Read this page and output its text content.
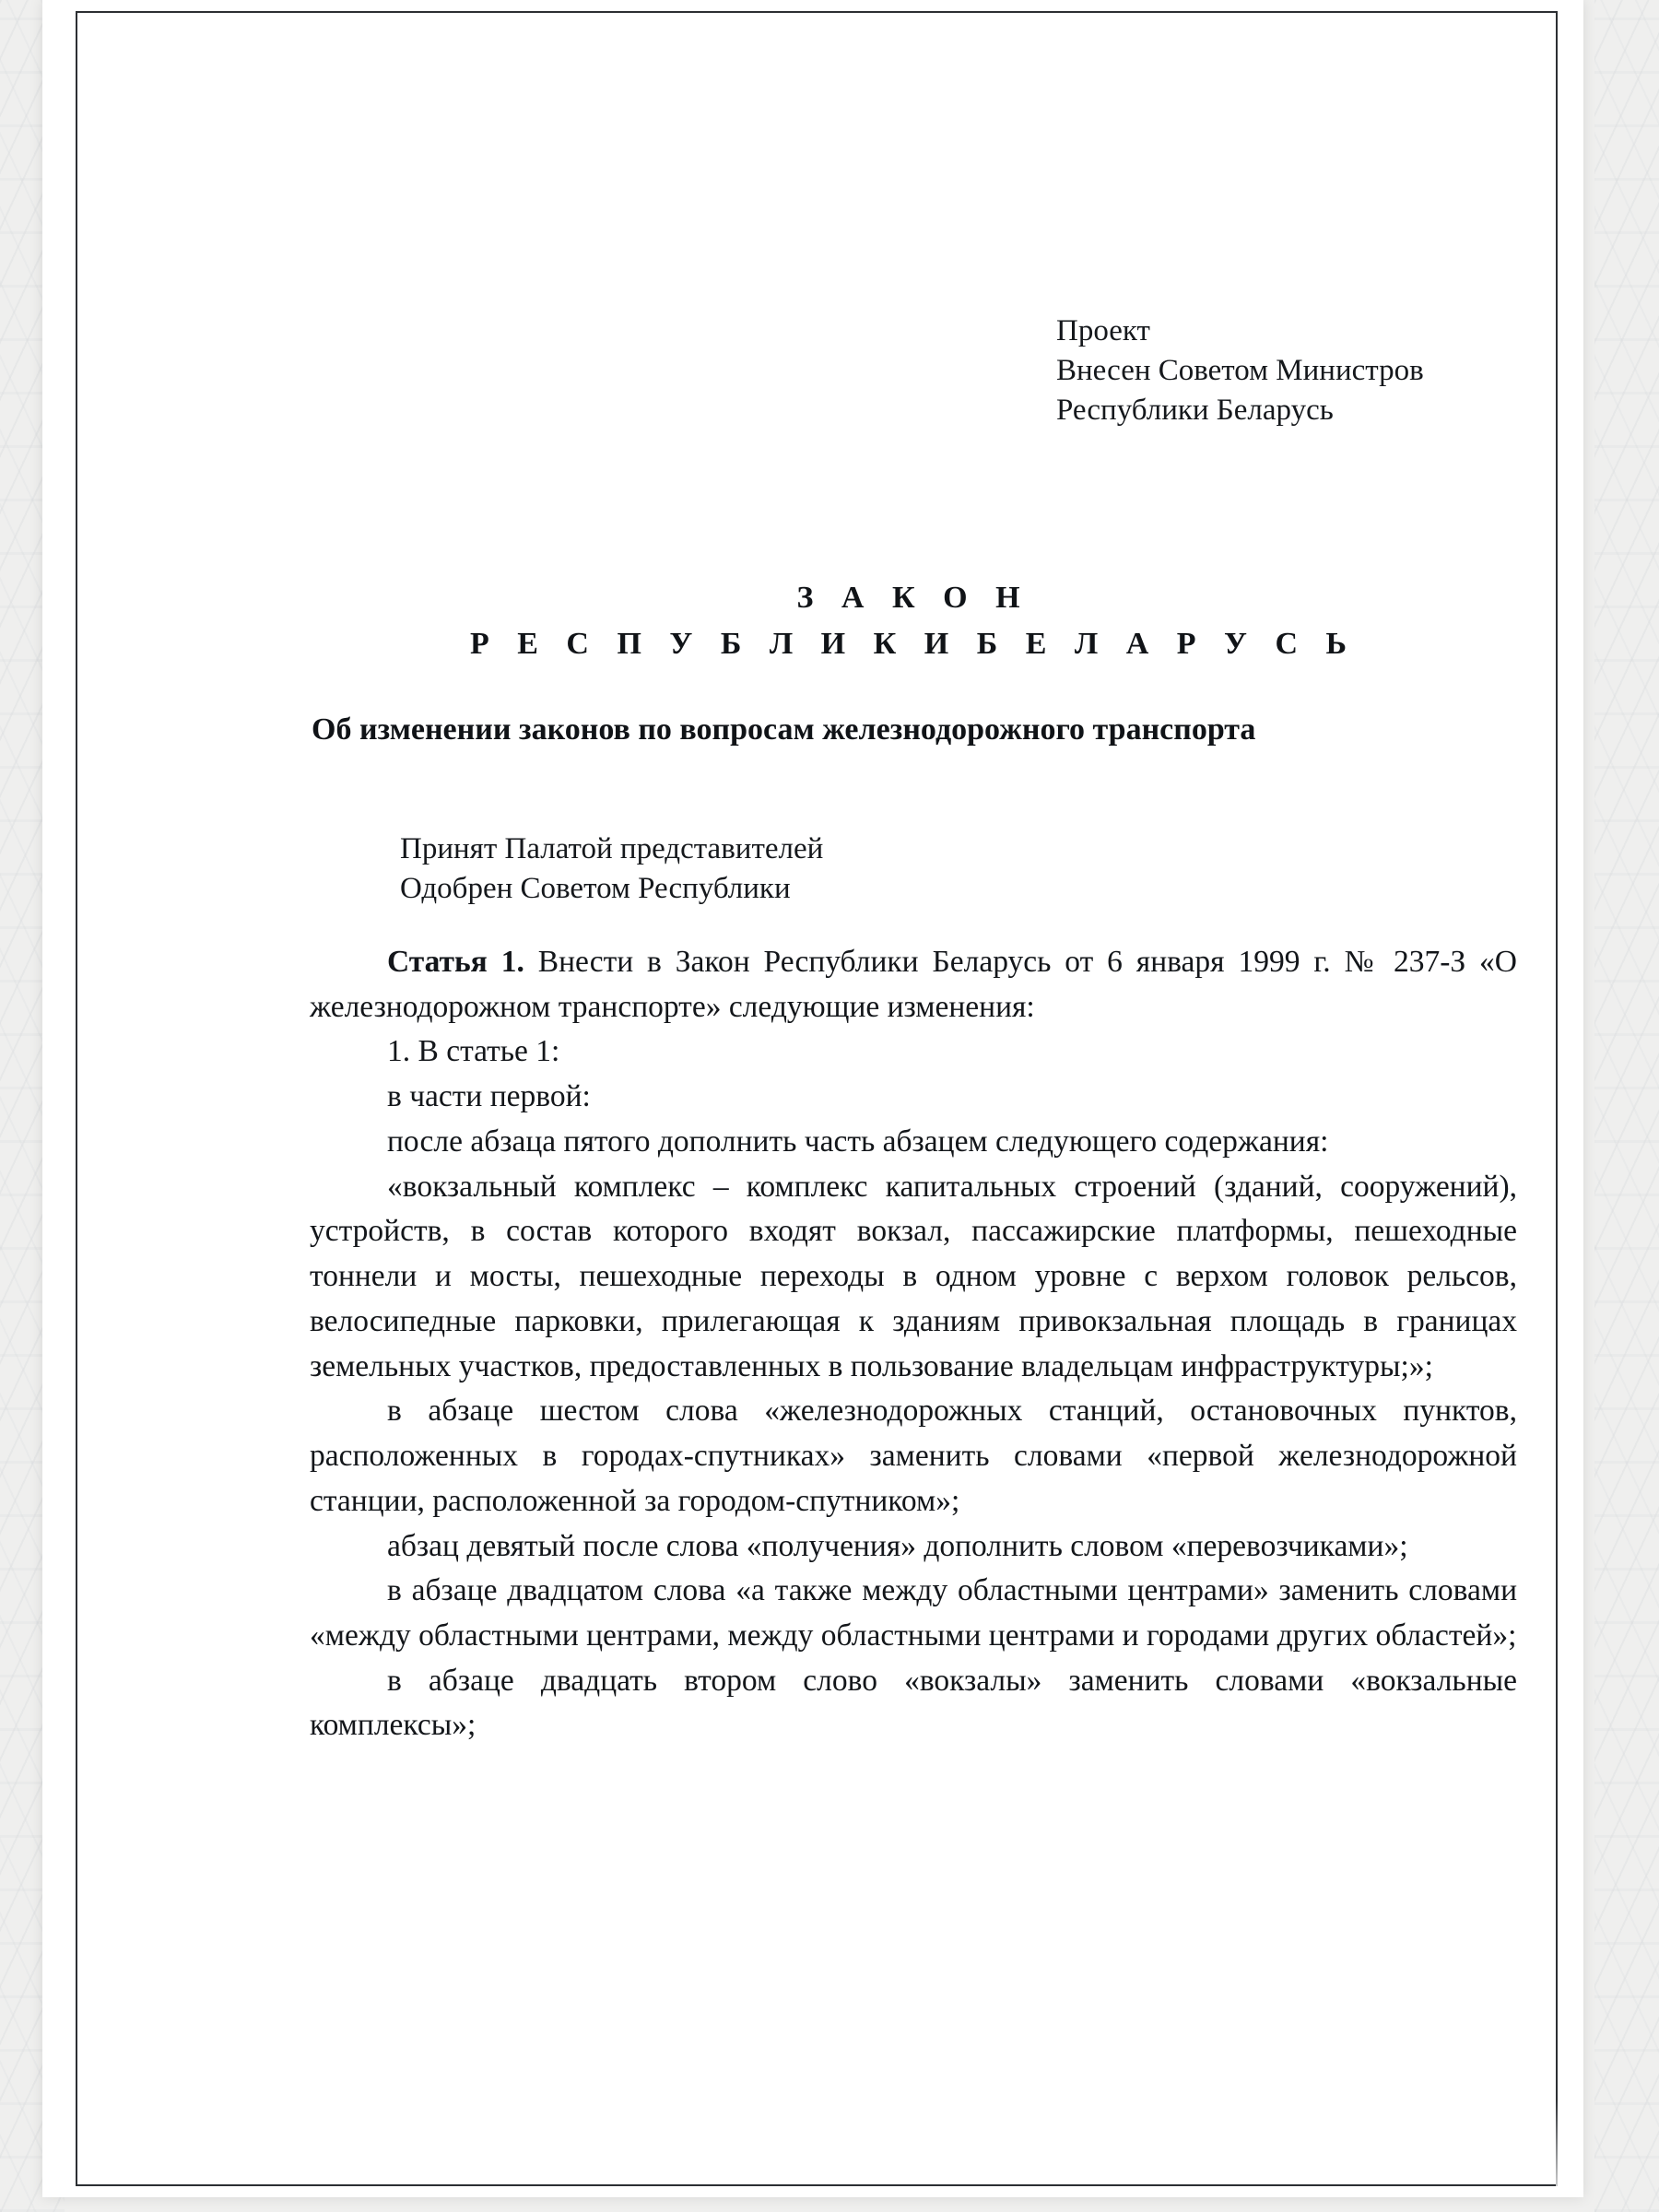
Проект
Внесен Советом Министров
Республики Беларусь
З А К О Н
Р Е С П У Б Л И К И Б Е Л А Р У С Ь
Об изменении законов по вопросам железнодорожного транспорта
Принят Палатой представителей
Одобрен Советом Республики

Статья 1. Внести в Закон Республики Беларусь от 6 января 1999 г. № 237-З «О железнодорожном транспорте» следующие изменения:

1. В статье 1:

в части первой:

после абзаца пятого дополнить часть абзацем следующего содержания:

«вокзальный комплекс – комплекс капитальных строений (зданий, сооружений), устройств, в состав которого входят вокзал, пассажирские платформы, пешеходные тоннели и мосты, пешеходные переходы в одном уровне с верхом головок рельсов, велосипедные парковки, прилегающая к зданиям привокзальная площадь в границах земельных участков, предоставленных в пользование владельцам инфраструктуры;»;

в абзаце шестом слова «железнодорожных станций, остановочных пунктов, расположенных в городах-спутниках» заменить словами «первой железнодорожной станции, расположенной за городом-спутником»;

абзац девятый после слова «получения» дополнить словом «перевозчиками»;

в абзаце двадцатом слова «а также между областными центрами» заменить словами «между областными центрами, между областными центрами и городами других областей»;

в абзаце двадцать втором слово «вокзалы» заменить словами «вокзальные комплексы»;
